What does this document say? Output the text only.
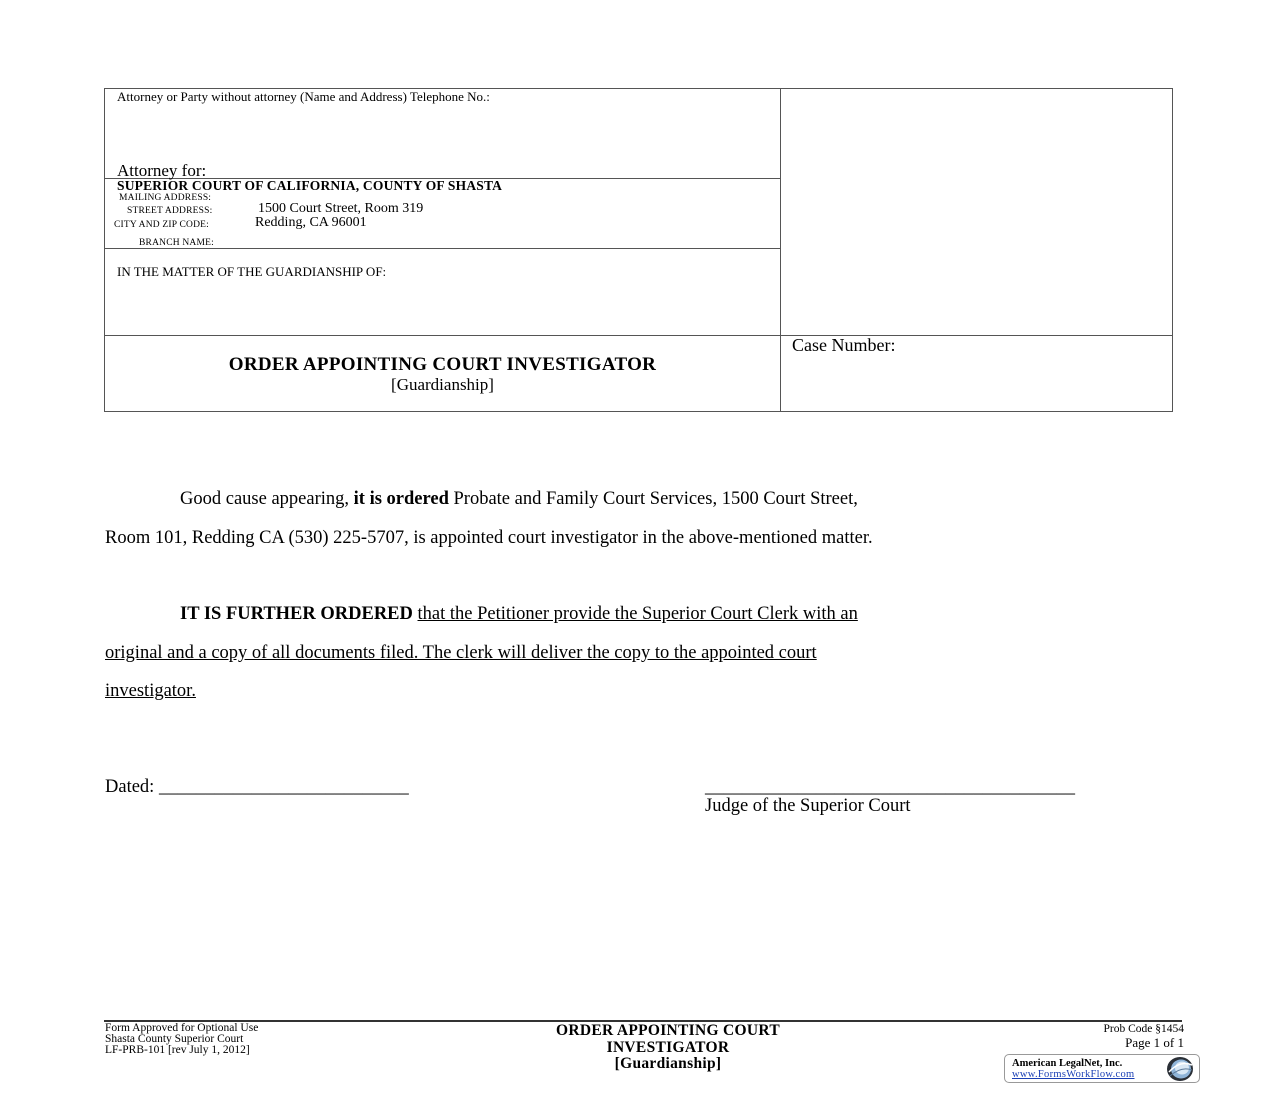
Attorney or Party without attorney (Name and Address) Telephone No.:
Attorney for:
SUPERIOR COURT OF CALIFORNIA, COUNTY OF SHASTA
MAILING ADDRESS:
STREET ADDRESS:	1500 Court Street, Room 319
CITY AND ZIP CODE:	Redding, CA 96001
BRANCH NAME:
IN THE MATTER OF THE GUARDIANSHIP OF:
ORDER APPOINTING COURT INVESTIGATOR
[Guardianship]
Case Number:
Good cause appearing, it is ordered Probate and Family Court Services, 1500 Court Street,
Room 101, Redding CA (530) 225-5707, is appointed court investigator in the above-mentioned matter.
IT IS FURTHER ORDERED that the Petitioner provide the Superior Court Clerk with an
original and a copy of all documents filed. The clerk will deliver the copy to the appointed court
investigator.
Dated: ___________________________	________________________________________
Judge of the Superior Court
Form Approved for Optional Use
Shasta County Superior Court
LF-PRB-101 [rev July 1, 2012]
ORDER APPOINTING COURT
INVESTIGATOR
[Guardianship]
Prob Code §1454
Page 1 of 1
American LegalNet, Inc.
www.FormsWorkFlow.com
